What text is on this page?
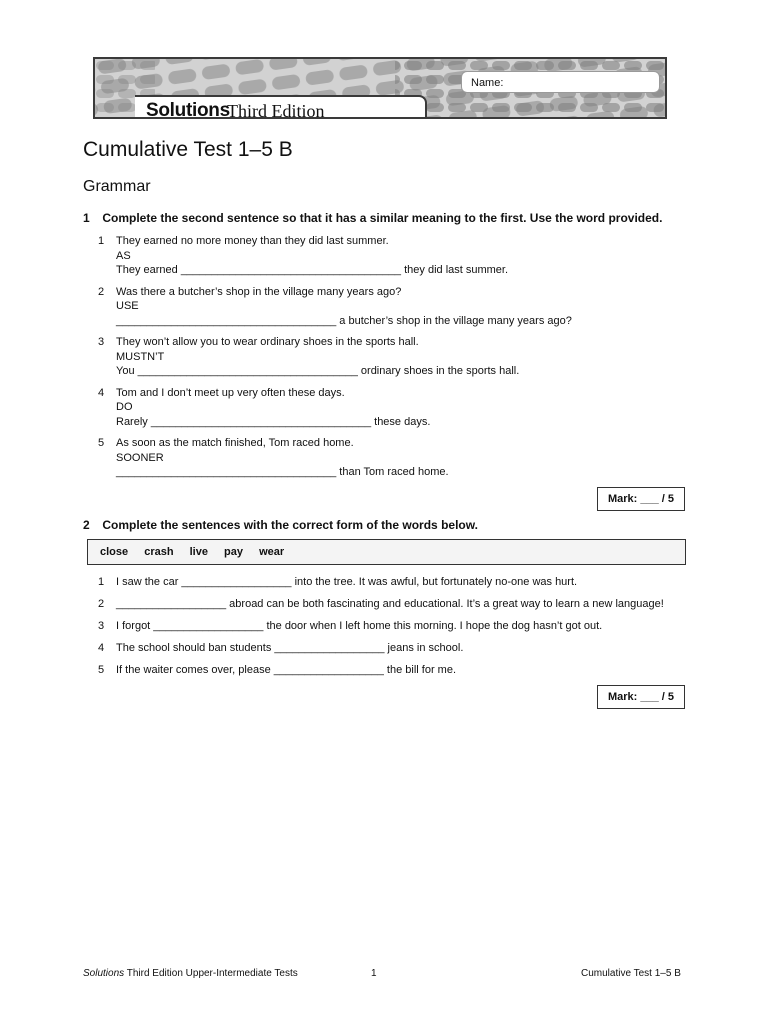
Solutions
Third Edition
Name:
Cumulative Test 1–5 B
Grammar
1 Complete the second sentence so that it has a similar meaning to the first. Use the word provided.
1 They earned no more money than they did last summer.
AS
They earned ____________________________________ they did last summer.
2 Was there a butcher’s shop in the village many years ago?
USE
____________________________________ a butcher’s shop in the village many years ago?
3 They won’t allow you to wear ordinary shoes in the sports hall.
MUSTN’T
You ____________________________________ ordinary shoes in the sports hall.
4 Tom and I don’t meet up very often these days.
DO
Rarely ____________________________________ these days.
5 As soon as the match finished, Tom raced home.
SOONER
____________________________________ than Tom raced home.
Mark: ___ / 5
2 Complete the sentences with the correct form of the words below.
close crash live pay wear
1 I saw the car __________________ into the tree. It was awful, but fortunately no-one was hurt.
2 __________________ abroad can be both fascinating and educational. It’s a great way to learn a new language!
3 I forgot __________________ the door when I left home this morning. I hope the dog hasn’t got out.
4 The school should ban students __________________ jeans in school.
5 If the waiter comes over, please __________________ the bill for me.
Mark: ___ / 5
Solutions Third Edition Upper-Intermediate Tests	1	Cumulative Test 1–5 B
